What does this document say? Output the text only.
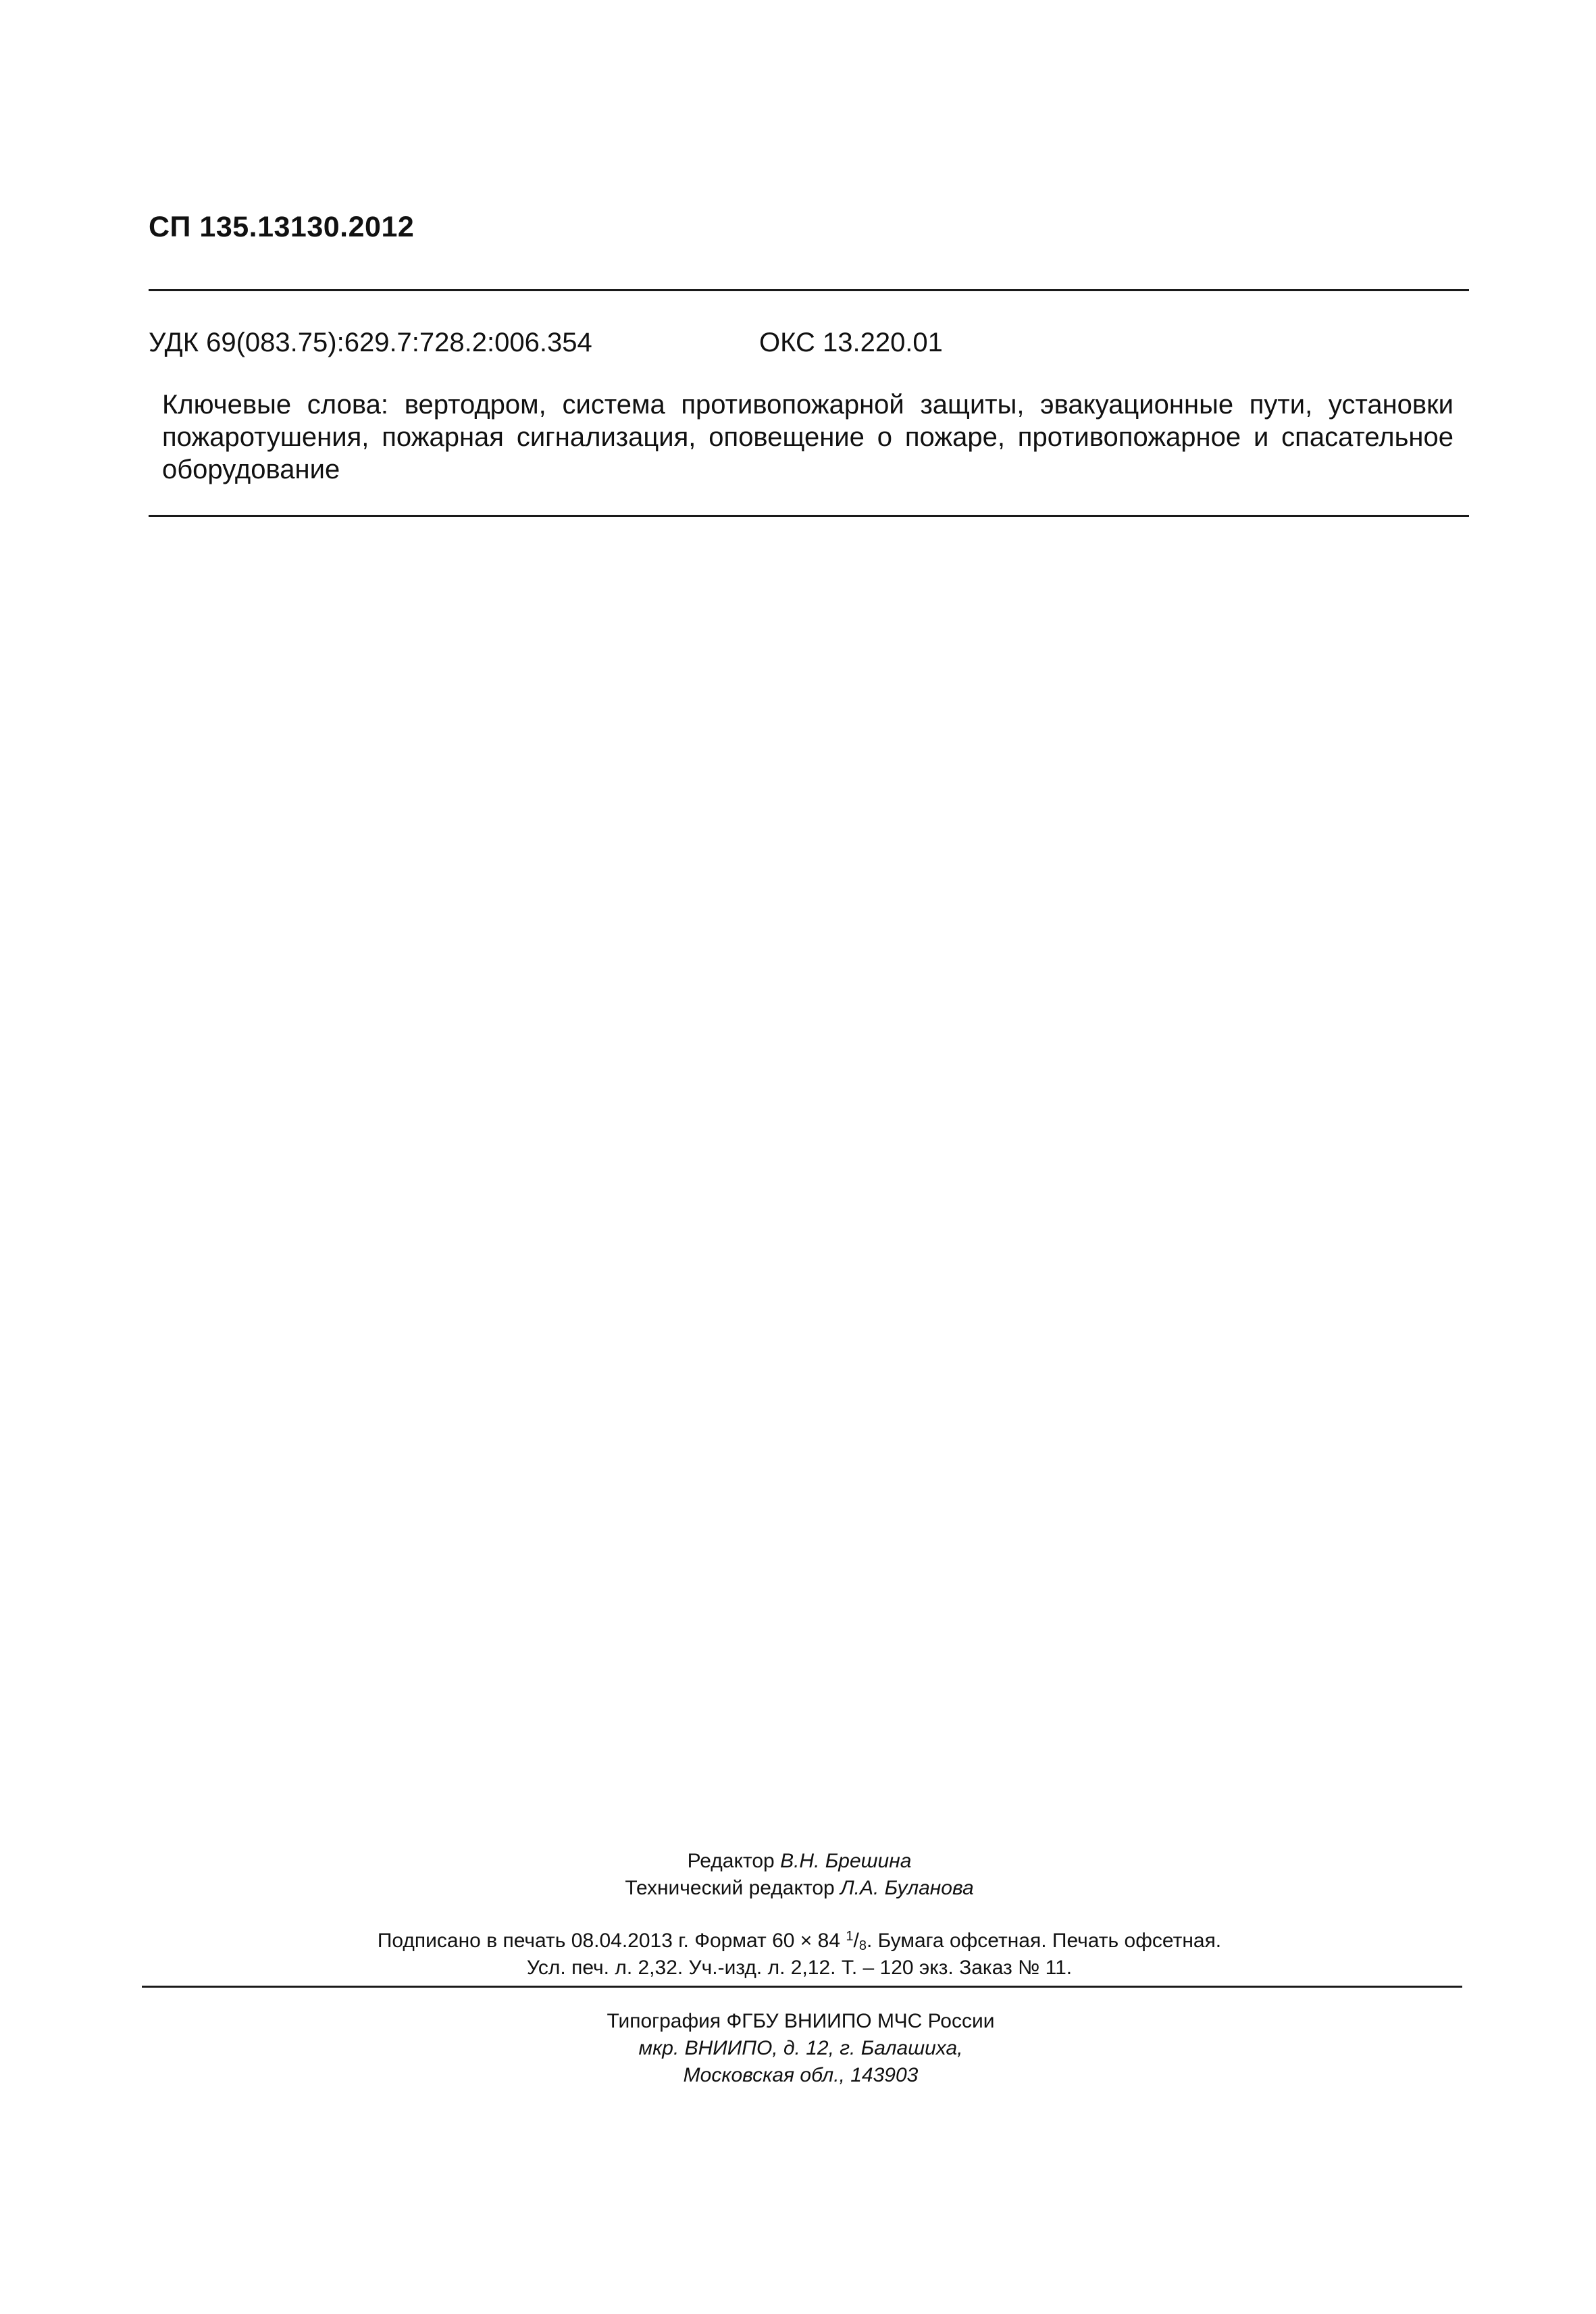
СП 135.13130.2012
УДК 69(083.75):629.7:728.2:006.354	ОКС 13.220.01
Ключевые слова: вертодром, система противопожарной защиты, эвакуационные пути, установки пожаротушения, пожарная сигнализация, оповещение о пожаре, противопожарное и спасательное оборудование
Редактор В.Н. Брешина
Технический редактор Л.А. Буланова
Подписано в печать 08.04.2013 г. Формат 60 × 84 $^1/_8$. Бумага офсетная. Печать офсетная.
Усл. печ. л. 2,32. Уч.-изд. л. 2,12. Т. – 120 экз. Заказ № 11.
Типография ФГБУ ВНИИПО МЧС России
мкр. ВНИИПО, д. 12, г. Балашиха,
Московская обл., 143903
